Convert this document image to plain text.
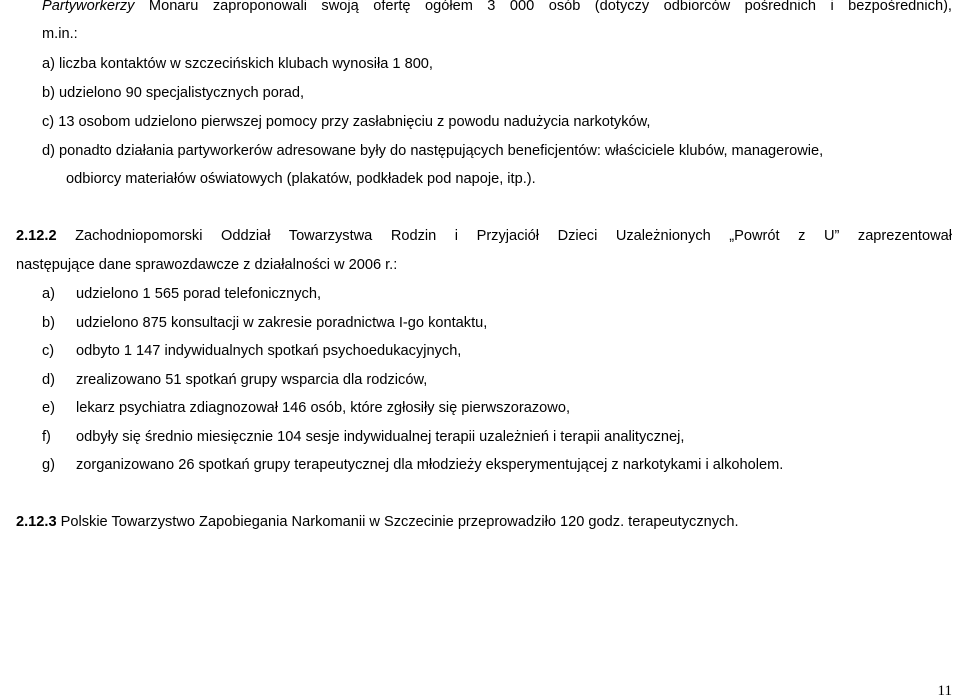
Partyworkerzy Monaru zaproponowali swoją ofertę ogółem 3 000 osób (dotyczy odbiorców pośrednich i bezpośrednich),
m.in.:
a) liczba kontaktów w szczecińskich klubach wynosiła 1 800,
b) udzielono 90 specjalistycznych porad,
c) 13 osobom udzielono pierwszej pomocy przy zasłabnięciu z powodu nadużycia narkotyków,
d) ponadto działania partyworkerów adresowane były do następujących beneficjentów: właściciele klubów, managerowie,
odbiorcy materiałów oświatowych (plakatów, podkładek pod napoje, itp.).
2.12.2 Zachodniopomorski Oddział Towarzystwa Rodzin i Przyjaciół Dzieci Uzależnionych „Powrót z U” zaprezentował
następujące dane sprawozdawcze z działalności w 2006 r.:
a) udzielono 1 565 porad telefonicznych,
b) udzielono 875 konsultacji w zakresie poradnictwa I-go kontaktu,
c) odbyto 1 147 indywidualnych spotkań psychoedukacyjnych,
d) zrealizowano 51 spotkań grupy wsparcia dla rodziców,
e) lekarz psychiatra zdiagnozował 146 osób, które zgłosiły się pierwszorazowo,
f) odbyły się średnio miesięcznie 104 sesje indywidualnej terapii uzależnień i terapii analitycznej,
g) zorganizowano 26 spotkań grupy terapeutycznej dla młodzieży eksperymentującej z narkotykami i alkoholem.
2.12.3 Polskie Towarzystwo Zapobiegania Narkomanii w Szczecinie przeprowadziło 120 godz. terapeutycznych.
11
